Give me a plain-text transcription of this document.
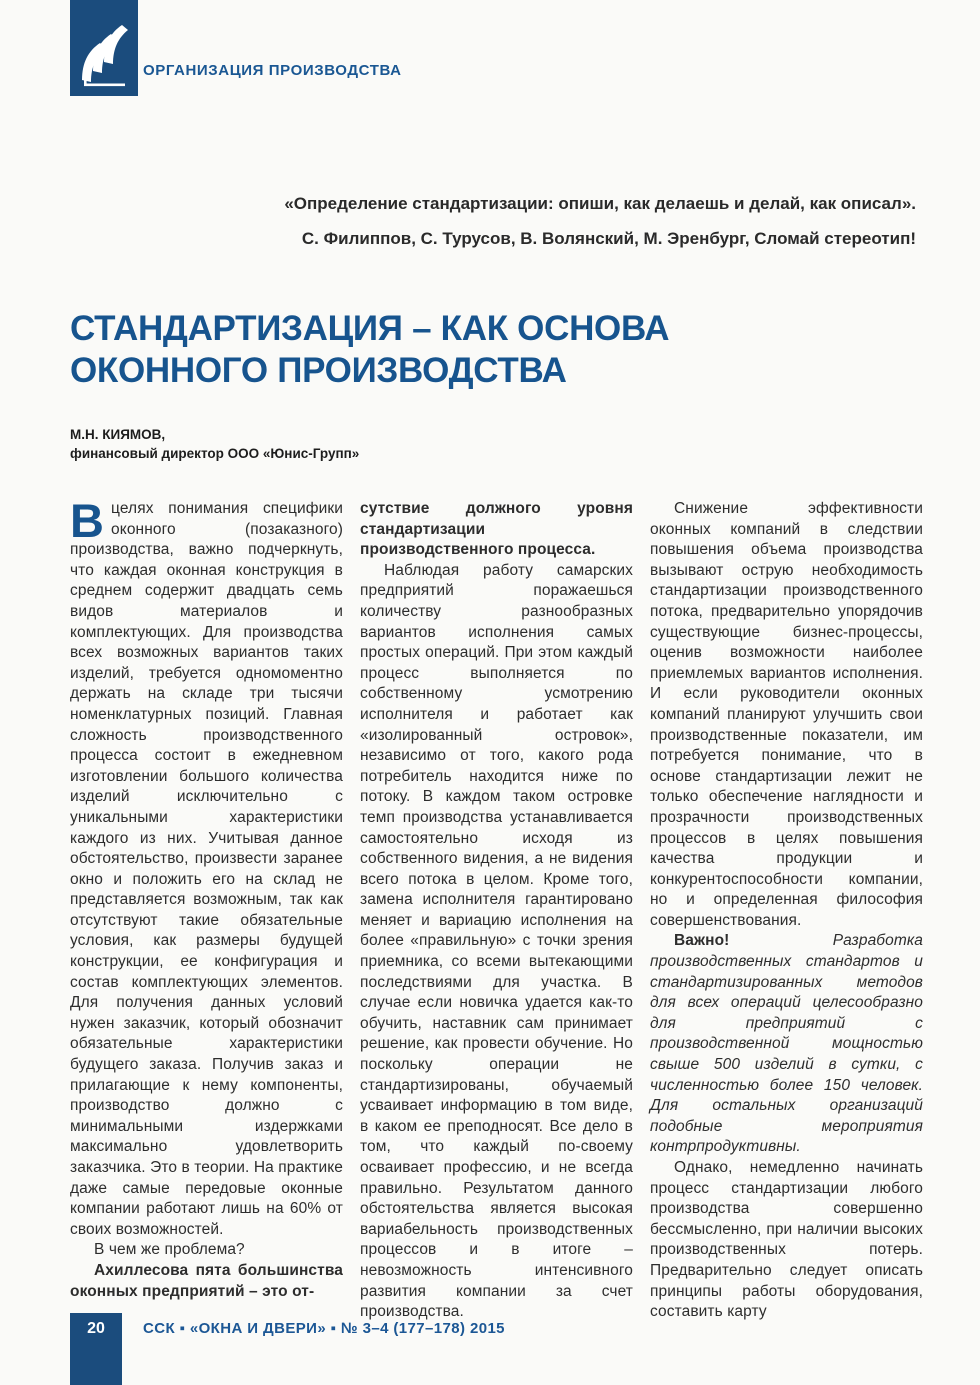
ОРГАНИЗАЦИЯ ПРОИЗВОДСТВА
«Определение стандартизации: опиши, как делаешь и делай, как описал».
С. Филиппов, С. Турусов, В. Волянский, М. Эренбург, Сломай стереотип!
СТАНДАРТИЗАЦИЯ – КАК ОСНОВА
ОКОННОГО ПРОИЗВОДСТВА
М.Н. КИЯМОВ,
финансовый директор ООО «Юнис-Групп»

Вцелях понимания специфики оконного (позаказного) производства, важно подчеркнуть, что каждая оконная конструкция в среднем содержит двадцать семь видов материалов и комплектующих. Для производства всех возможных вариантов таких изделий, требуется одномоментно держать на складе три тысячи номенклатурных позиций. Главная сложность производственного процесса состоит в ежедневном изготовлении большого количества изделий исключительно с уникальными характеристики каждого из них. Учитывая данное обстоятельство, произвести заранее окно и положить его на склад не представляется возможным, так как отсутствуют такие обязательные условия, как размеры будущей конструкции, ее конфигурация и состав комплектующих элементов. Для получения данных условий нужен заказчик, который обозначит обязательные характеристики будущего заказа. Получив заказ и прилагающие к нему компоненты, производство должно с минимальными издержками максимально удовлетворить заказчика. Это в теории. На практике даже самые передовые оконные компании работают лишь на 60% от своих возможностей.

В чем же проблема?

Ахиллесова пята большинства оконных предприятий – это от-

сутствие должного уровня стандартизации производственного процесса.

Наблюдая работу самарских предприятий поражаешься количеству разнообразных вариантов исполнения самых простых операций. При этом каждый процесс выполняется по собственному усмотрению исполнителя и работает как «изолированный островок», независимо от того, какого рода потребитель находится ниже по потоку. В каждом таком островке темп производства устанавливается самостоятельно исходя из собственного видения, а не видения всего потока в целом. Кроме того, замена исполнителя гарантировано меняет и вариацию исполнения на более «правильную» с точки зрения приемника, со всеми вытекающими последствиями для участка. В случае если новичка удается как-то обучить, наставник сам принимает решение, как провести обучение. Но поскольку операции не стандартизированы, обучаемый усваивает информацию в том виде, в каком ее преподносят. Все дело в том, что каждый по-своему осваивает профессию, и не всегда правильно. Результатом данного обстоятельства является высокая вариабельность производственных процессов и в итоге – невозможность интенсивного развития компании за счет производства.

Снижение эффективности оконных компаний в следствии повышения объема производства вызывают острую необходимость стандартизации производственного потока, предварительно упорядочив существующие бизнес-процессы, оценив возможности наиболее приемлемых вариантов исполнения. И если руководители оконных компаний планируют улучшить свои производственные показатели, им потребуется понимание, что в основе стандартизации лежит не только обеспечение наглядности и прозрачности производственных процессов в целях повышения качества продукции и конкурентоспособности компании, но и определенная философия совершенствования.

Важно!	Разработка производственных стандартов и стандартизированных методов для всех операций целесообразно для предприятий с производственной мощностью свыше 500 изделий в сутки, с численностью более 150 человек. Для остальных организаций подобные мероприятия контрпродуктивны.

Однако, немедленно начинать процесс стандартизации любого производства совершенно бессмысленно, при наличии высоких производственных потерь. Предварительно следует описать принципы работы оборудования, составить карту

20	ССК ▪ «ОКНА И ДВЕРИ» ▪ № 3–4 (177–178) 2015
